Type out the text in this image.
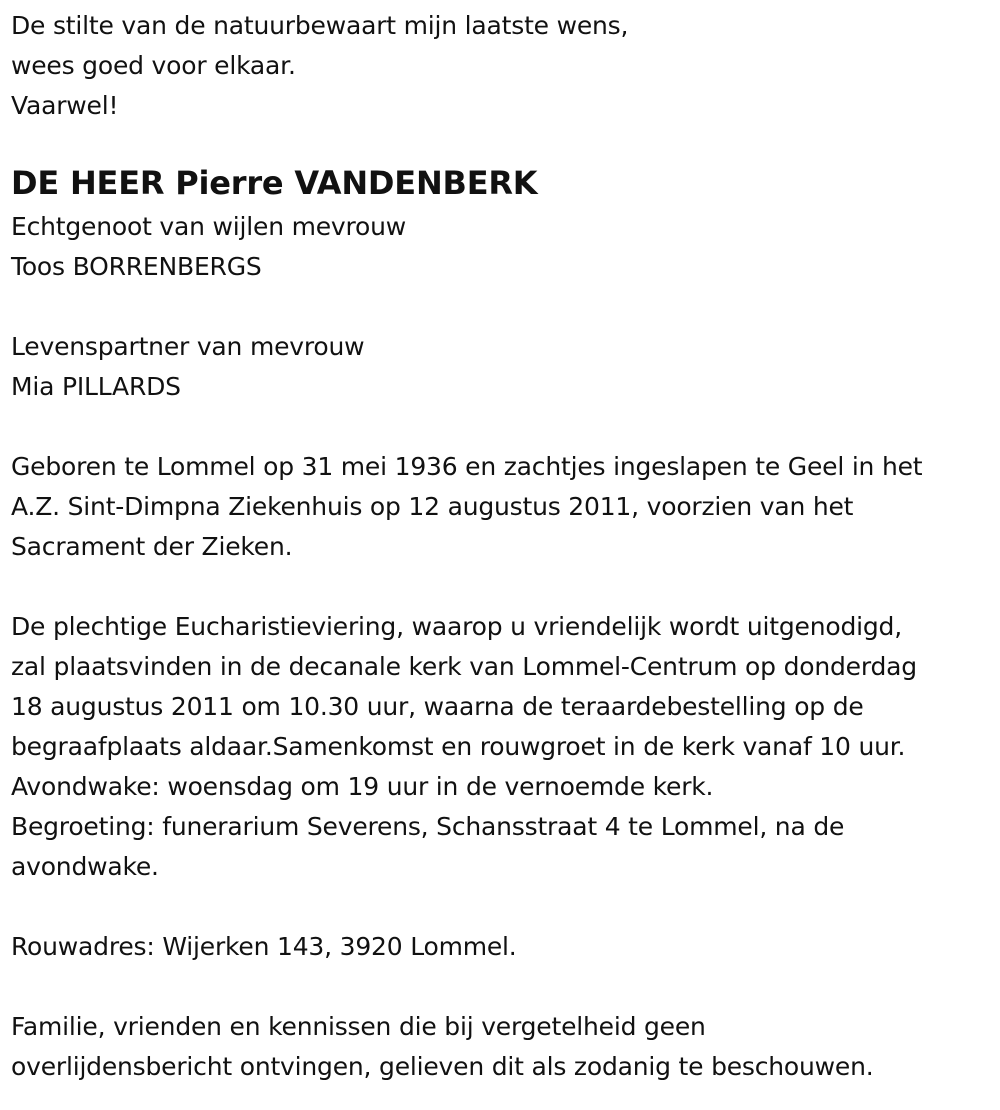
De stilte van de natuurbewaart mijn laatste wens,
wees goed voor elkaar.
Vaarwel!
DE HEER Pierre VANDENBERK
Echtgenoot van wijlen mevrouw
Toos BORRENBERGS
Levenspartner van mevrouw
Mia PILLARDS
Geboren te Lommel op 31 mei 1936 en zachtjes ingeslapen te Geel in het
A.Z. Sint-Dimpna Ziekenhuis op 12 augustus 2011, voorzien van het
Sacrament der Zieken.
De plechtige Eucharistieviering, waarop u vriendelijk wordt uitgenodigd,
zal plaatsvinden in de decanale kerk van Lommel-Centrum op donderdag
18 augustus 2011 om 10.30 uur, waarna de teraardebestelling op de
begraafplaats aldaar.Samenkomst en rouwgroet in de kerk vanaf 10 uur.
Avondwake: woensdag om 19 uur in de vernoemde kerk.
Begroeting: funerarium Severens, Schansstraat 4 te Lommel, na de
avondwake.
Rouwadres: Wijerken 143, 3920 Lommel.
Familie, vrienden en kennissen die bij vergetelheid geen
overlijdensbericht ontvingen, gelieven dit als zodanig te beschouwen.
